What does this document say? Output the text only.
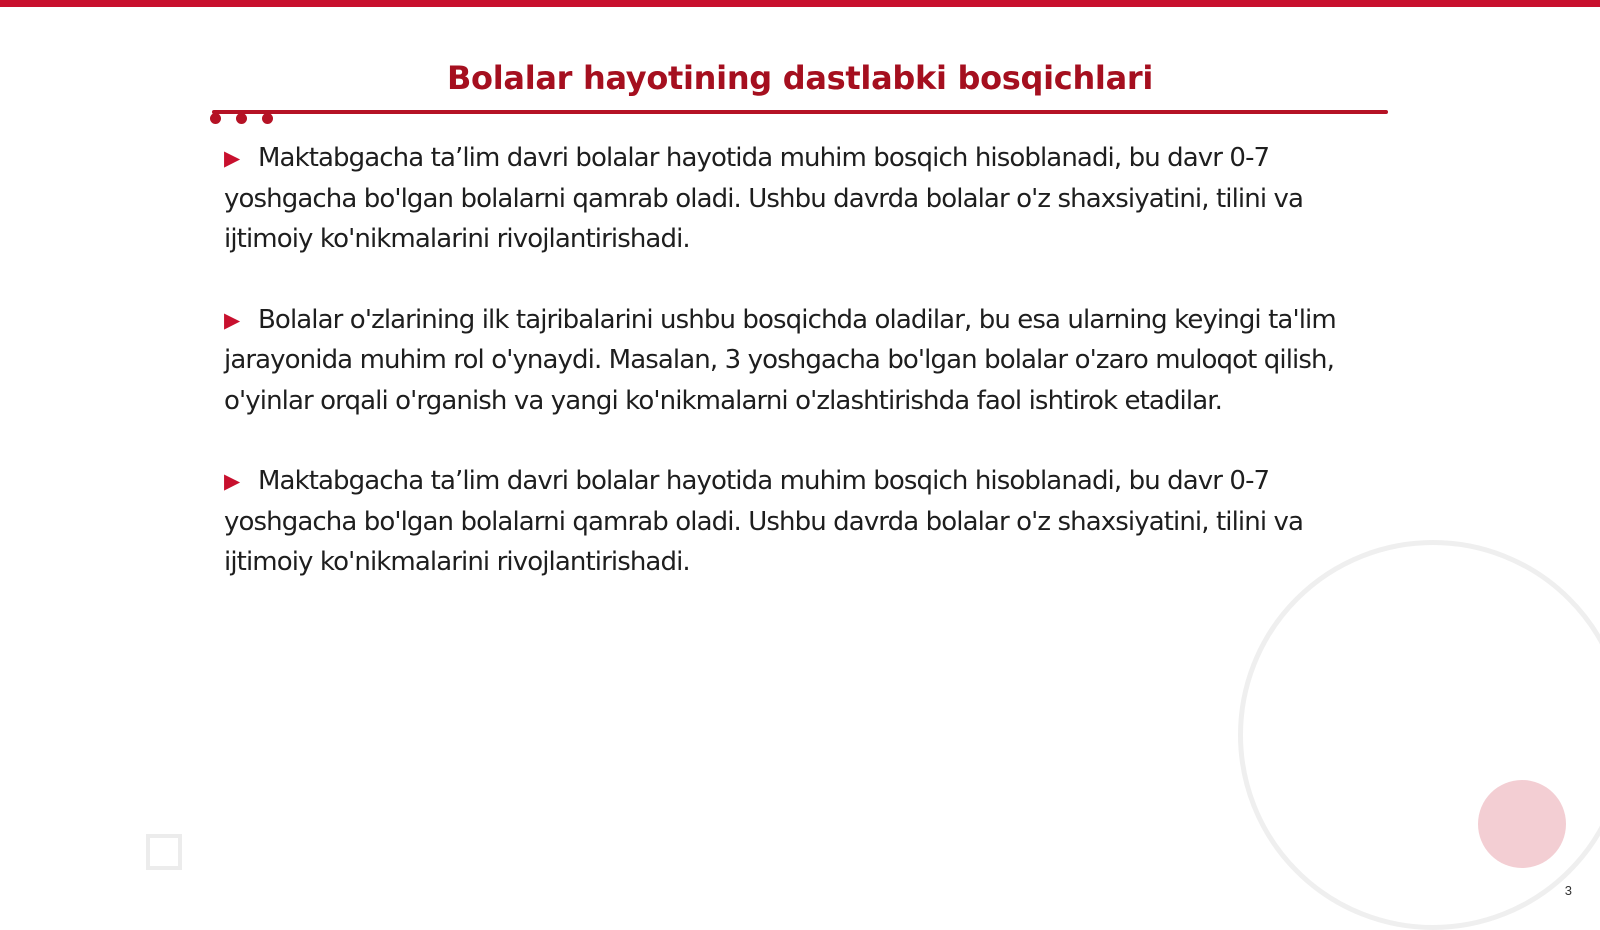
Bolalar hayotining dastlabki bosqichlari

▶ Maktabgacha ta’lim davri bolalar hayotida muhim bosqich hisoblanadi, bu davr 0-7 yoshgacha bo'lgan bolalarni qamrab oladi. Ushbu davrda bolalar o'z shaxsiyatini, tilini va ijtimoiy ko'nikmalarini rivojlantirishadi.

▶ Bolalar o'zlarining ilk tajribalarini ushbu bosqichda oladilar, bu esa ularning keyingi ta'lim jarayonida muhim rol o'ynaydi. Masalan, 3 yoshgacha bo'lgan bolalar o'zaro muloqot qilish, o'yinlar orqali o'rganish va yangi ko'nikmalarni o'zlashtirishda faol ishtirok etadilar.

▶ Maktabgacha ta’lim davri bolalar hayotida muhim bosqich hisoblanadi, bu davr 0-7 yoshgacha bo'lgan bolalarni qamrab oladi. Ushbu davrda bolalar o'z shaxsiyatini, tilini va ijtimoiy ko'nikmalarini rivojlantirishadi.

3
